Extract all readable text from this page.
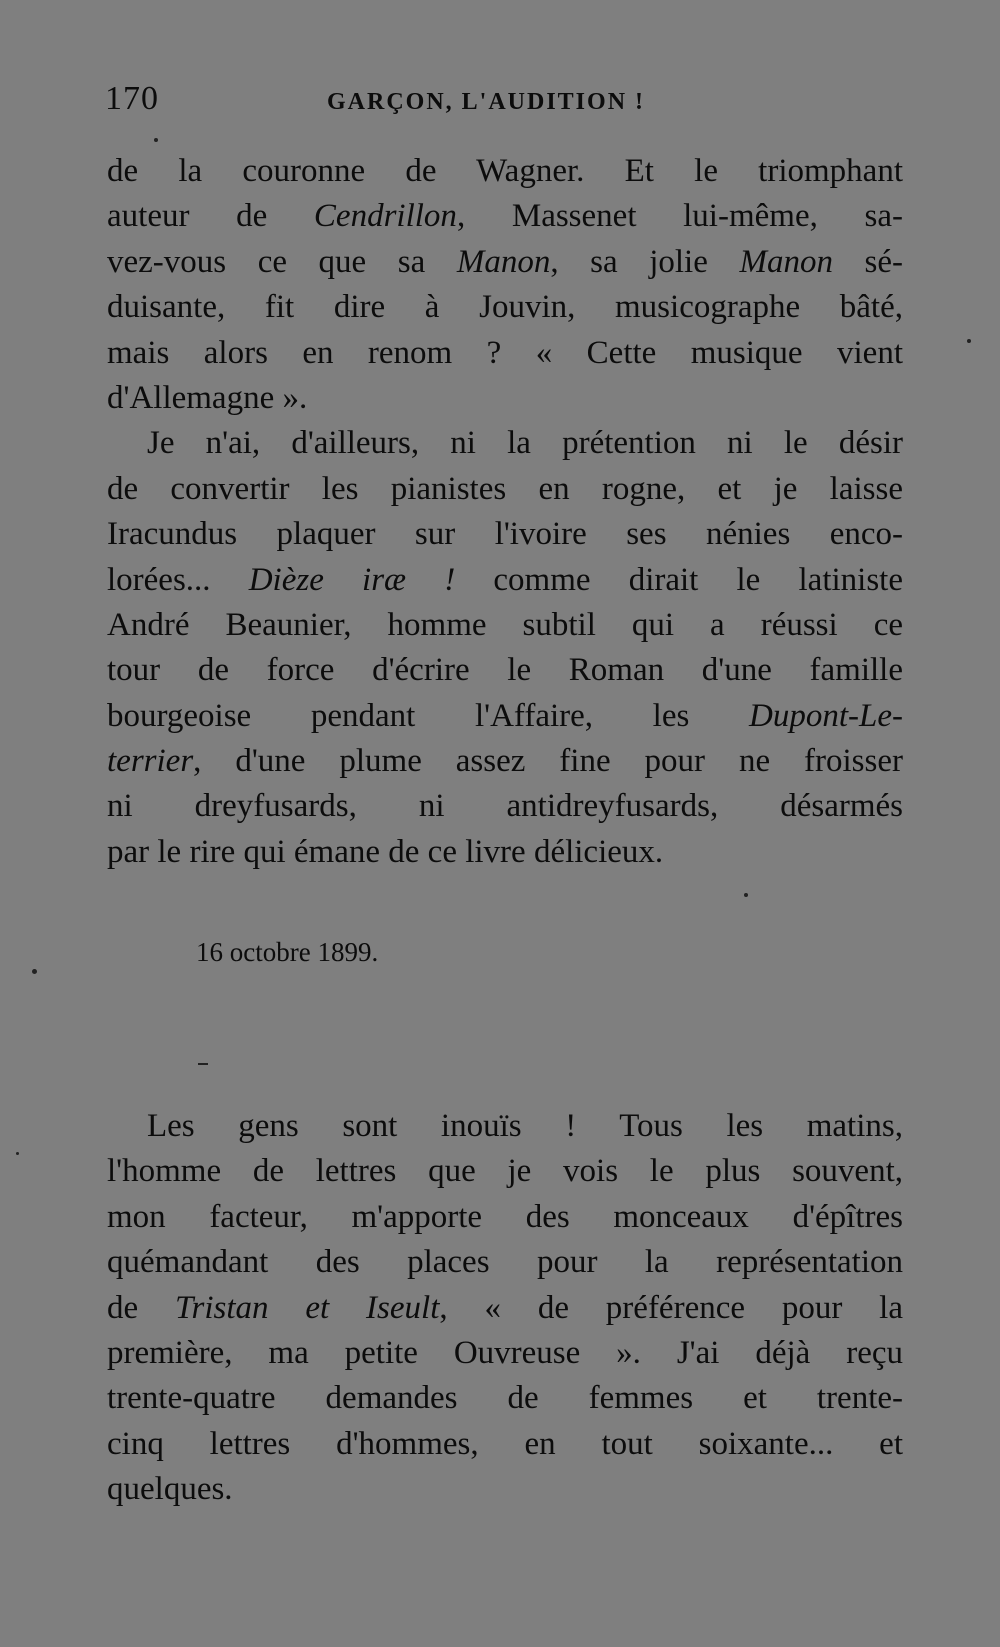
170	GARÇON, L'AUDITION !
de la couronne de Wagner. Et le triomphant
auteur de Cendrillon, Massenet lui-même, sa-
vez-vous ce que sa Manon, sa jolie Manon sé-
duisante, fit dire à Jouvin, musicographe bâté,
mais alors en renom ? « Cette musique vient
d'Allemagne ».
Je n'ai, d'ailleurs, ni la prétention ni le désir
de convertir les pianistes en rogne, et je laisse
Iracundus plaquer sur l'ivoire ses nénies enco-
lorées... Dièze iræ ! comme dirait le latiniste
André Beaunier, homme subtil qui a réussi ce
tour de force d'écrire le Roman d'une famille
bourgeoise pendant l'Affaire, les Dupont-Le-
terrier, d'une plume assez fine pour ne froisser
ni dreyfusards, ni antidreyfusards, désarmés
par le rire qui émane de ce livre délicieux.
16 octobre 1899.
Les gens sont inouïs ! Tous les matins,
l'homme de lettres que je vois le plus souvent,
mon facteur, m'apporte des monceaux d'épîtres
quémandant des places pour la représentation
de Tristan et Iseult, « de préférence pour la
première, ma petite Ouvreuse ». J'ai déjà reçu
trente-quatre demandes de femmes et trente-
cinq lettres d'hommes, en tout soixante... et
quelques.
